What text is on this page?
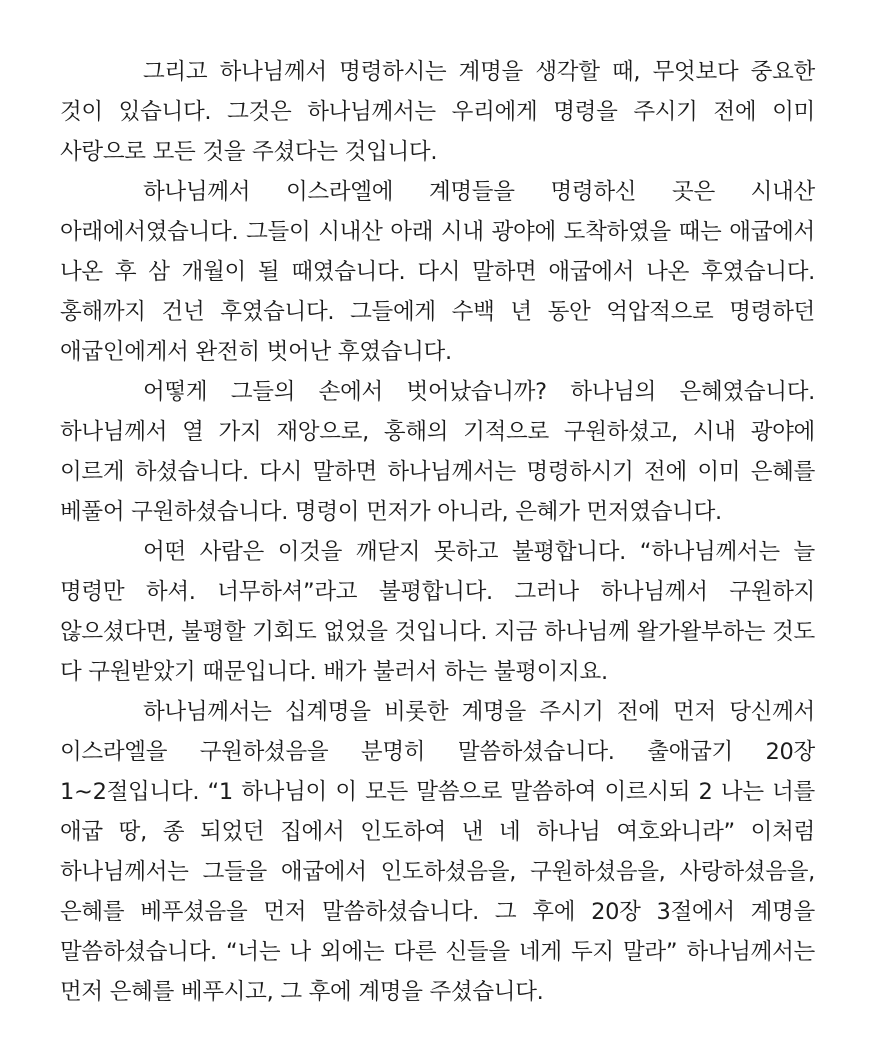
그리고 하나님께서 명령하시는 계명을 생각할 때, 무엇보다 중요한 것이 있습니다. 그것은 하나님께서는 우리에게 명령을 주시기 전에 이미 사랑으로 모든 것을 주셨다는 것입니다.

하나님께서 이스라엘에 계명들을 명령하신 곳은 시내산 아래에서였습니다. 그들이 시내산 아래 시내 광야에 도착하였을 때는 애굽에서 나온 후 삼 개월이 될 때였습니다. 다시 말하면 애굽에서 나온 후였습니다. 홍해까지 건넌 후였습니다. 그들에게 수백 년 동안 억압적으로 명령하던 애굽인에게서 완전히 벗어난 후였습니다.

어떻게 그들의 손에서 벗어났습니까? 하나님의 은혜였습니다. 하나님께서 열 가지 재앙으로, 홍해의 기적으로 구원하셨고, 시내 광야에 이르게 하셨습니다. 다시 말하면 하나님께서는 명령하시기 전에 이미 은혜를 베풀어 구원하셨습니다. 명령이 먼저가 아니라, 은혜가 먼저였습니다.

어떤 사람은 이것을 깨닫지 못하고 불평합니다. “하나님께서는 늘 명령만 하셔. 너무하셔”라고 불평합니다. 그러나 하나님께서 구원하지 않으셨다면, 불평할 기회도 없었을 것입니다. 지금 하나님께 왈가왈부하는 것도 다 구원받았기 때문입니다. 배가 불러서 하는 불평이지요.

하나님께서는 십계명을 비롯한 계명을 주시기 전에 먼저 당신께서 이스라엘을 구원하셨음을 분명히 말씀하셨습니다. 출애굽기 20장 1~2절입니다. “1 하나님이 이 모든 말씀으로 말씀하여 이르시되 2 나는 너를 애굽 땅, 종 되었던 집에서 인도하여 낸 네 하나님 여호와니라” 이처럼 하나님께서는 그들을 애굽에서 인도하셨음을, 구원하셨음을, 사랑하셨음을, 은혜를 베푸셨음을 먼저 말씀하셨습니다. 그 후에 20장 3절에서 계명을 말씀하셨습니다. “너는 나 외에는 다른 신들을 네게 두지 말라” 하나님께서는 먼저 은혜를 베푸시고, 그 후에 계명을 주셨습니다.
